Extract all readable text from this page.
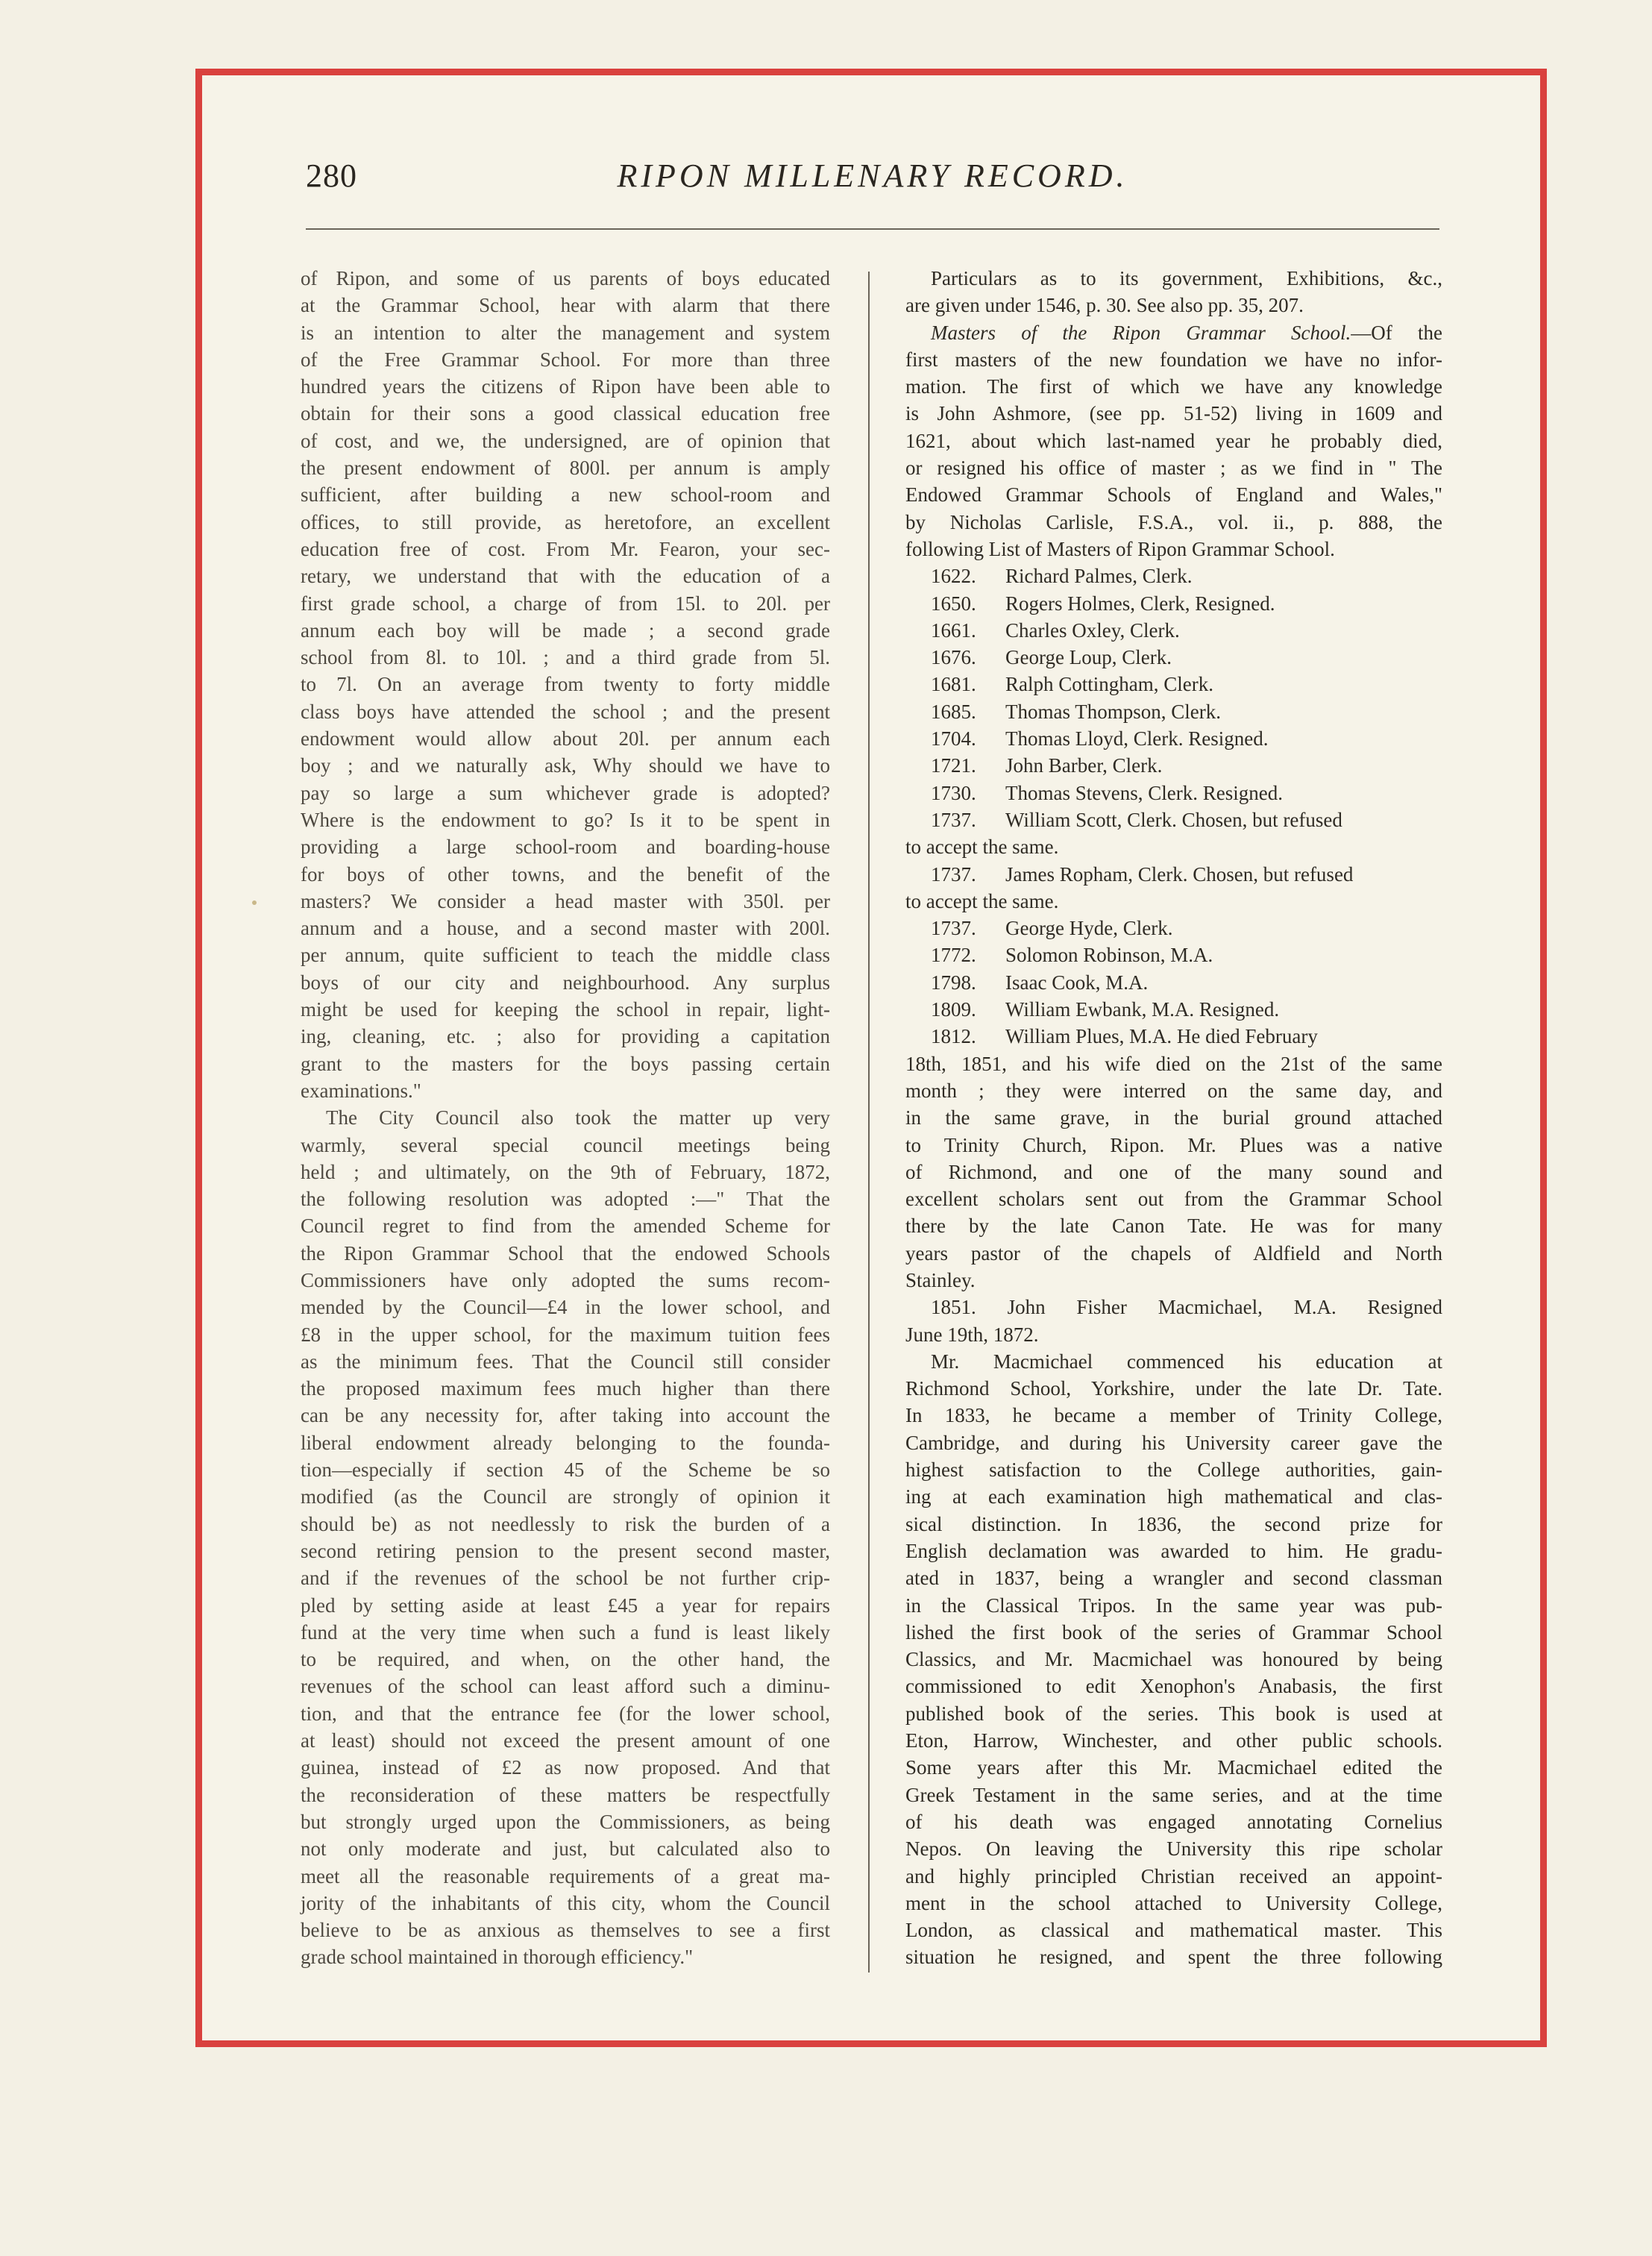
280	RIPON MILLENARY RECORD.
of Ripon, and some of us parents of boys educated
at the Grammar School, hear with alarm that there
is an intention to alter the management and system
of the Free Grammar School. For more than three
hundred years the citizens of Ripon have been able to
obtain for their sons a good classical education free
of cost, and we, the undersigned, are of opinion that
the present endowment of 800l. per annum is amply
sufficient, after building a new school-room and
offices, to still provide, as heretofore, an excellent
education free of cost. From Mr. Fearon, your sec-
retary, we understand that with the education of a
first grade school, a charge of from 15l. to 20l. per
annum each boy will be made ; a second grade
school from 8l. to 10l. ; and a third grade from 5l.
to 7l. On an average from twenty to forty middle
class boys have attended the school ; and the present
endowment would allow about 20l. per annum each
boy ; and we naturally ask, Why should we have to
pay so large a sum whichever grade is adopted?
Where is the endowment to go? Is it to be spent in
providing a large school-room and boarding-house
for boys of other towns, and the benefit of the
masters? We consider a head master with 350l. per
annum and a house, and a second master with 200l.
per annum, quite sufficient to teach the middle class
boys of our city and neighbourhood. Any surplus
might be used for keeping the school in repair, light-
ing, cleaning, etc. ; also for providing a capitation
grant to the masters for the boys passing certain
examinations."
The City Council also took the matter up very
warmly, several special council meetings being
held ; and ultimately, on the 9th of February, 1872,
the following resolution was adopted :—" That the
Council regret to find from the amended Scheme for
the Ripon Grammar School that the endowed Schools
Commissioners have only adopted the sums recom-
mended by the Council—£4 in the lower school, and
£8 in the upper school, for the maximum tuition fees
as the minimum fees. That the Council still consider
the proposed maximum fees much higher than there
can be any necessity for, after taking into account the
liberal endowment already belonging to the founda-
tion—especially if section 45 of the Scheme be so
modified (as the Council are strongly of opinion it
should be) as not needlessly to risk the burden of a
second retiring pension to the present second master,
and if the revenues of the school be not further crip-
pled by setting aside at least £45 a year for repairs
fund at the very time when such a fund is least likely
to be required, and when, on the other hand, the
revenues of the school can least afford such a diminu-
tion, and that the entrance fee (for the lower school,
at least) should not exceed the present amount of one
guinea, instead of £2 as now proposed. And that
the reconsideration of these matters be respectfully
but strongly urged upon the Commissioners, as being
not only moderate and just, but calculated also to
meet all the reasonable requirements of a great ma-
jority of the inhabitants of this city, whom the Council
believe to be as anxious as themselves to see a first
grade school maintained in thorough efficiency."
Particulars as to its government, Exhibitions, &c.,
are given under 1546, p. 30. See also pp. 35, 207.
Masters of the Ripon Grammar School.—Of the
first masters of the new foundation we have no infor-
mation. The first of which we have any knowledge
is John Ashmore, (see pp. 51-52) living in 1609 and
1621, about which last-named year he probably died,
or resigned his office of master ; as we find in " The
Endowed Grammar Schools of England and Wales,"
by Nicholas Carlisle, F.S.A., vol. ii., p. 888, the
following List of Masters of Ripon Grammar School.
1622.	Richard Palmes, Clerk.
1650.	Rogers Holmes, Clerk, Resigned.
1661.	Charles Oxley, Clerk.
1676.	George Loup, Clerk.
1681.	Ralph Cottingham, Clerk.
1685.	Thomas Thompson, Clerk.
1704.	Thomas Lloyd, Clerk. Resigned.
1721.	John Barber, Clerk.
1730.	Thomas Stevens, Clerk. Resigned.
1737.	William Scott, Clerk. Chosen, but refused
to accept the same.
1737.	James Ropham, Clerk. Chosen, but refused
to accept the same.
1737.	George Hyde, Clerk.
1772.	Solomon Robinson, M.A.
1798.	Isaac Cook, M.A.
1809.	William Ewbank, M.A. Resigned.
1812.	William Plues, M.A. He died February
18th, 1851, and his wife died on the 21st of the same
month ; they were interred on the same day, and
in the same grave, in the burial ground attached
to Trinity Church, Ripon. Mr. Plues was a native
of Richmond, and one of the many sound and
excellent scholars sent out from the Grammar School
there by the late Canon Tate. He was for many
years pastor of the chapels of Aldfield and North
Stainley.
1851. John Fisher Macmichael, M.A. Resigned
June 19th, 1872.
Mr. Macmichael commenced his education at
Richmond School, Yorkshire, under the late Dr. Tate.
In 1833, he became a member of Trinity College,
Cambridge, and during his University career gave the
highest satisfaction to the College authorities, gain-
ing at each examination high mathematical and clas-
sical distinction. In 1836, the second prize for
English declamation was awarded to him. He gradu-
ated in 1837, being a wrangler and second classman
in the Classical Tripos. In the same year was pub-
lished the first book of the series of Grammar School
Classics, and Mr. Macmichael was honoured by being
commissioned to edit Xenophon's Anabasis, the first
published book of the series. This book is used at
Eton, Harrow, Winchester, and other public schools.
Some years after this Mr. Macmichael edited the
Greek Testament in the same series, and at the time
of his death was engaged annotating Cornelius
Nepos. On leaving the University this ripe scholar
and highly principled Christian received an appoint-
ment in the school attached to University College,
London, as classical and mathematical master. This
situation he resigned, and spent the three following
